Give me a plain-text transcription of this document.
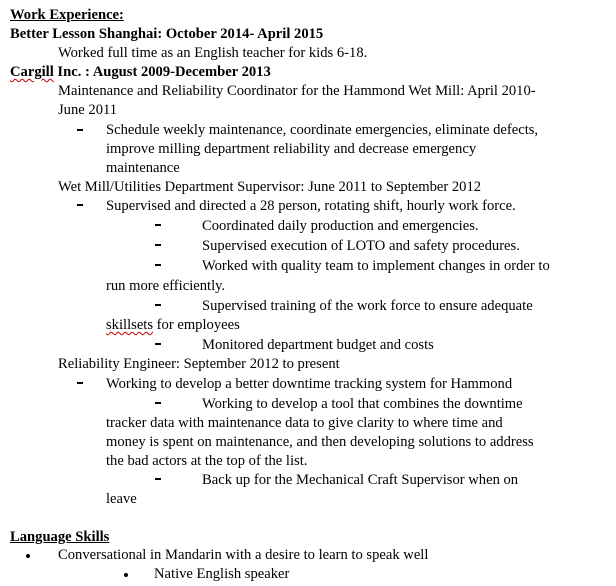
Work Experience:
Better Lesson Shanghai: October 2014- April 2015
Worked full time as an English teacher for kids 6-18.
Cargill Inc. : August 2009-December 2013
Maintenance and Reliability Coordinator for the Hammond Wet Mill: April 2010-
June 2011
Schedule weekly maintenance, coordinate emergencies, eliminate defects,
improve milling department reliability and decrease emergency
maintenance
Wet Mill/Utilities Department Supervisor: June 2011 to September 2012
Supervised and directed a 28 person, rotating shift, hourly work force.
Coordinated daily production and emergencies.
Supervised execution of LOTO and safety procedures.
Worked with quality team to implement changes in order to
run more efficiently.
Supervised training of the work force to ensure adequate
skillsets for employees
Monitored department budget and costs
Reliability Engineer: September 2012 to present
Working to develop a better downtime tracking system for Hammond
Working to develop a tool that combines the downtime
tracker data with maintenance data to give clarity to where time and
money is spent on maintenance, and then developing solutions to address
the bad actors at the top of the list.
Back up for the Mechanical Craft Supervisor when on
leave
Language Skills
Conversational in Mandarin with a desire to learn to speak well
Native English speaker
